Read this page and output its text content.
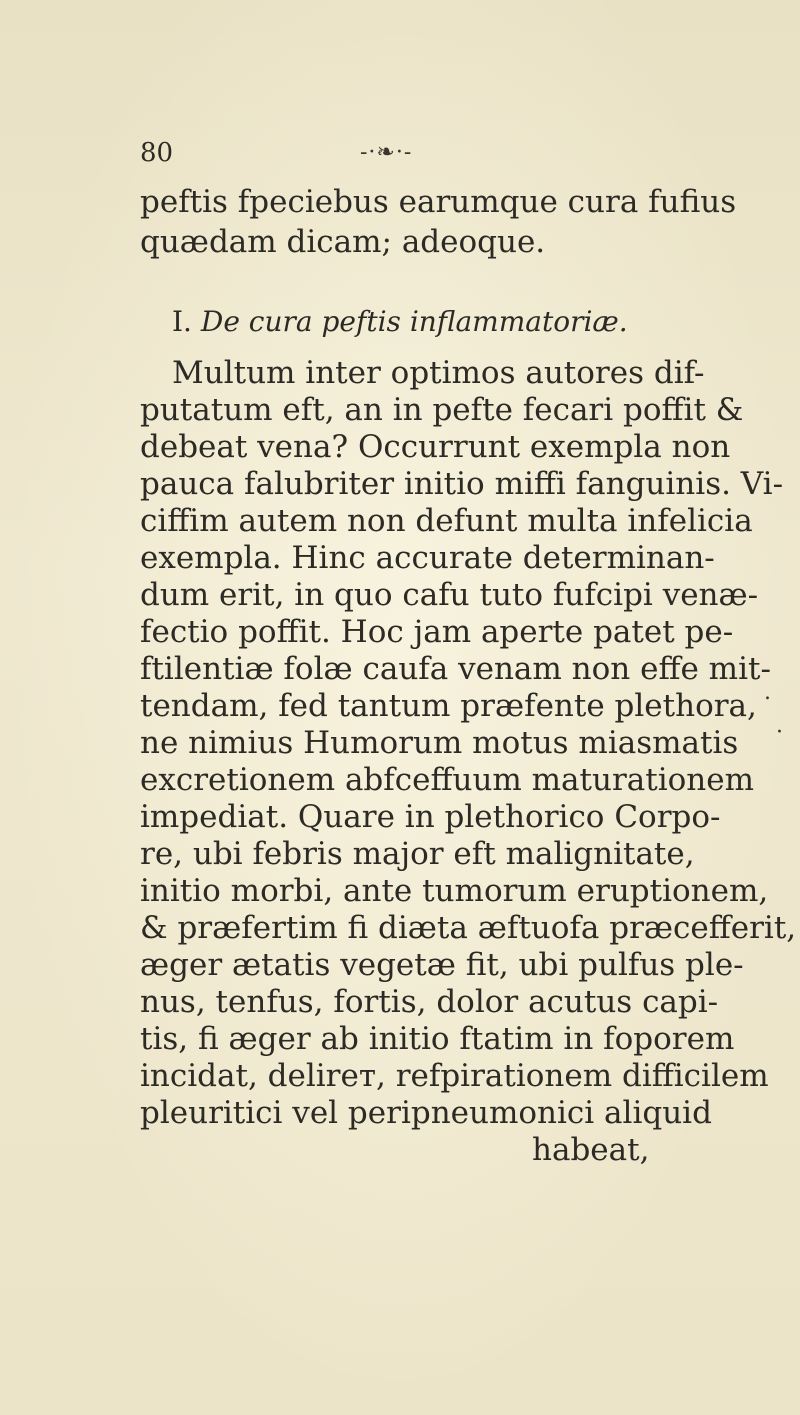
80	-·❧·-
peftis fpeciebus earumque cura fufius
quædam dicam; adeoque.
I. De cura peftis inflammatoriæ.
Multum inter optimos autores dif-
putatum eft, an in pefte fecari poffit &
debeat vena? Occurrunt exempla non
pauca falubriter initio miffi fanguinis. Vi-
ciffim autem non defunt multa infelicia
exempla. Hinc accurate determinan-
dum erit, in quo cafu tuto fufcipi venæ-
fectio poffit. Hoc jam aperte patet pe-
ftilentiæ folæ caufa venam non effe mit-
tendam, fed tantum præfente plethora,
ne nimius Humorum motus miasmatis
excretionem abfceffuum maturationem
impediat. Quare in plethorico Corpo-
re, ubi febris major eft malignitate,
initio morbi, ante tumorum eruptionem,
& præfertim fi diæta æftuofa præcefferit,
æger ætatis vegetæ fit, ubi pulfus ple-
nus, tenfus, fortis, dolor acutus capi-
tis, fi æger ab initio ftatim in foporem
incidat, delirет, refpirationem difficilem
pleuritici vel peripneumonici aliquid
habeat,
.
·
